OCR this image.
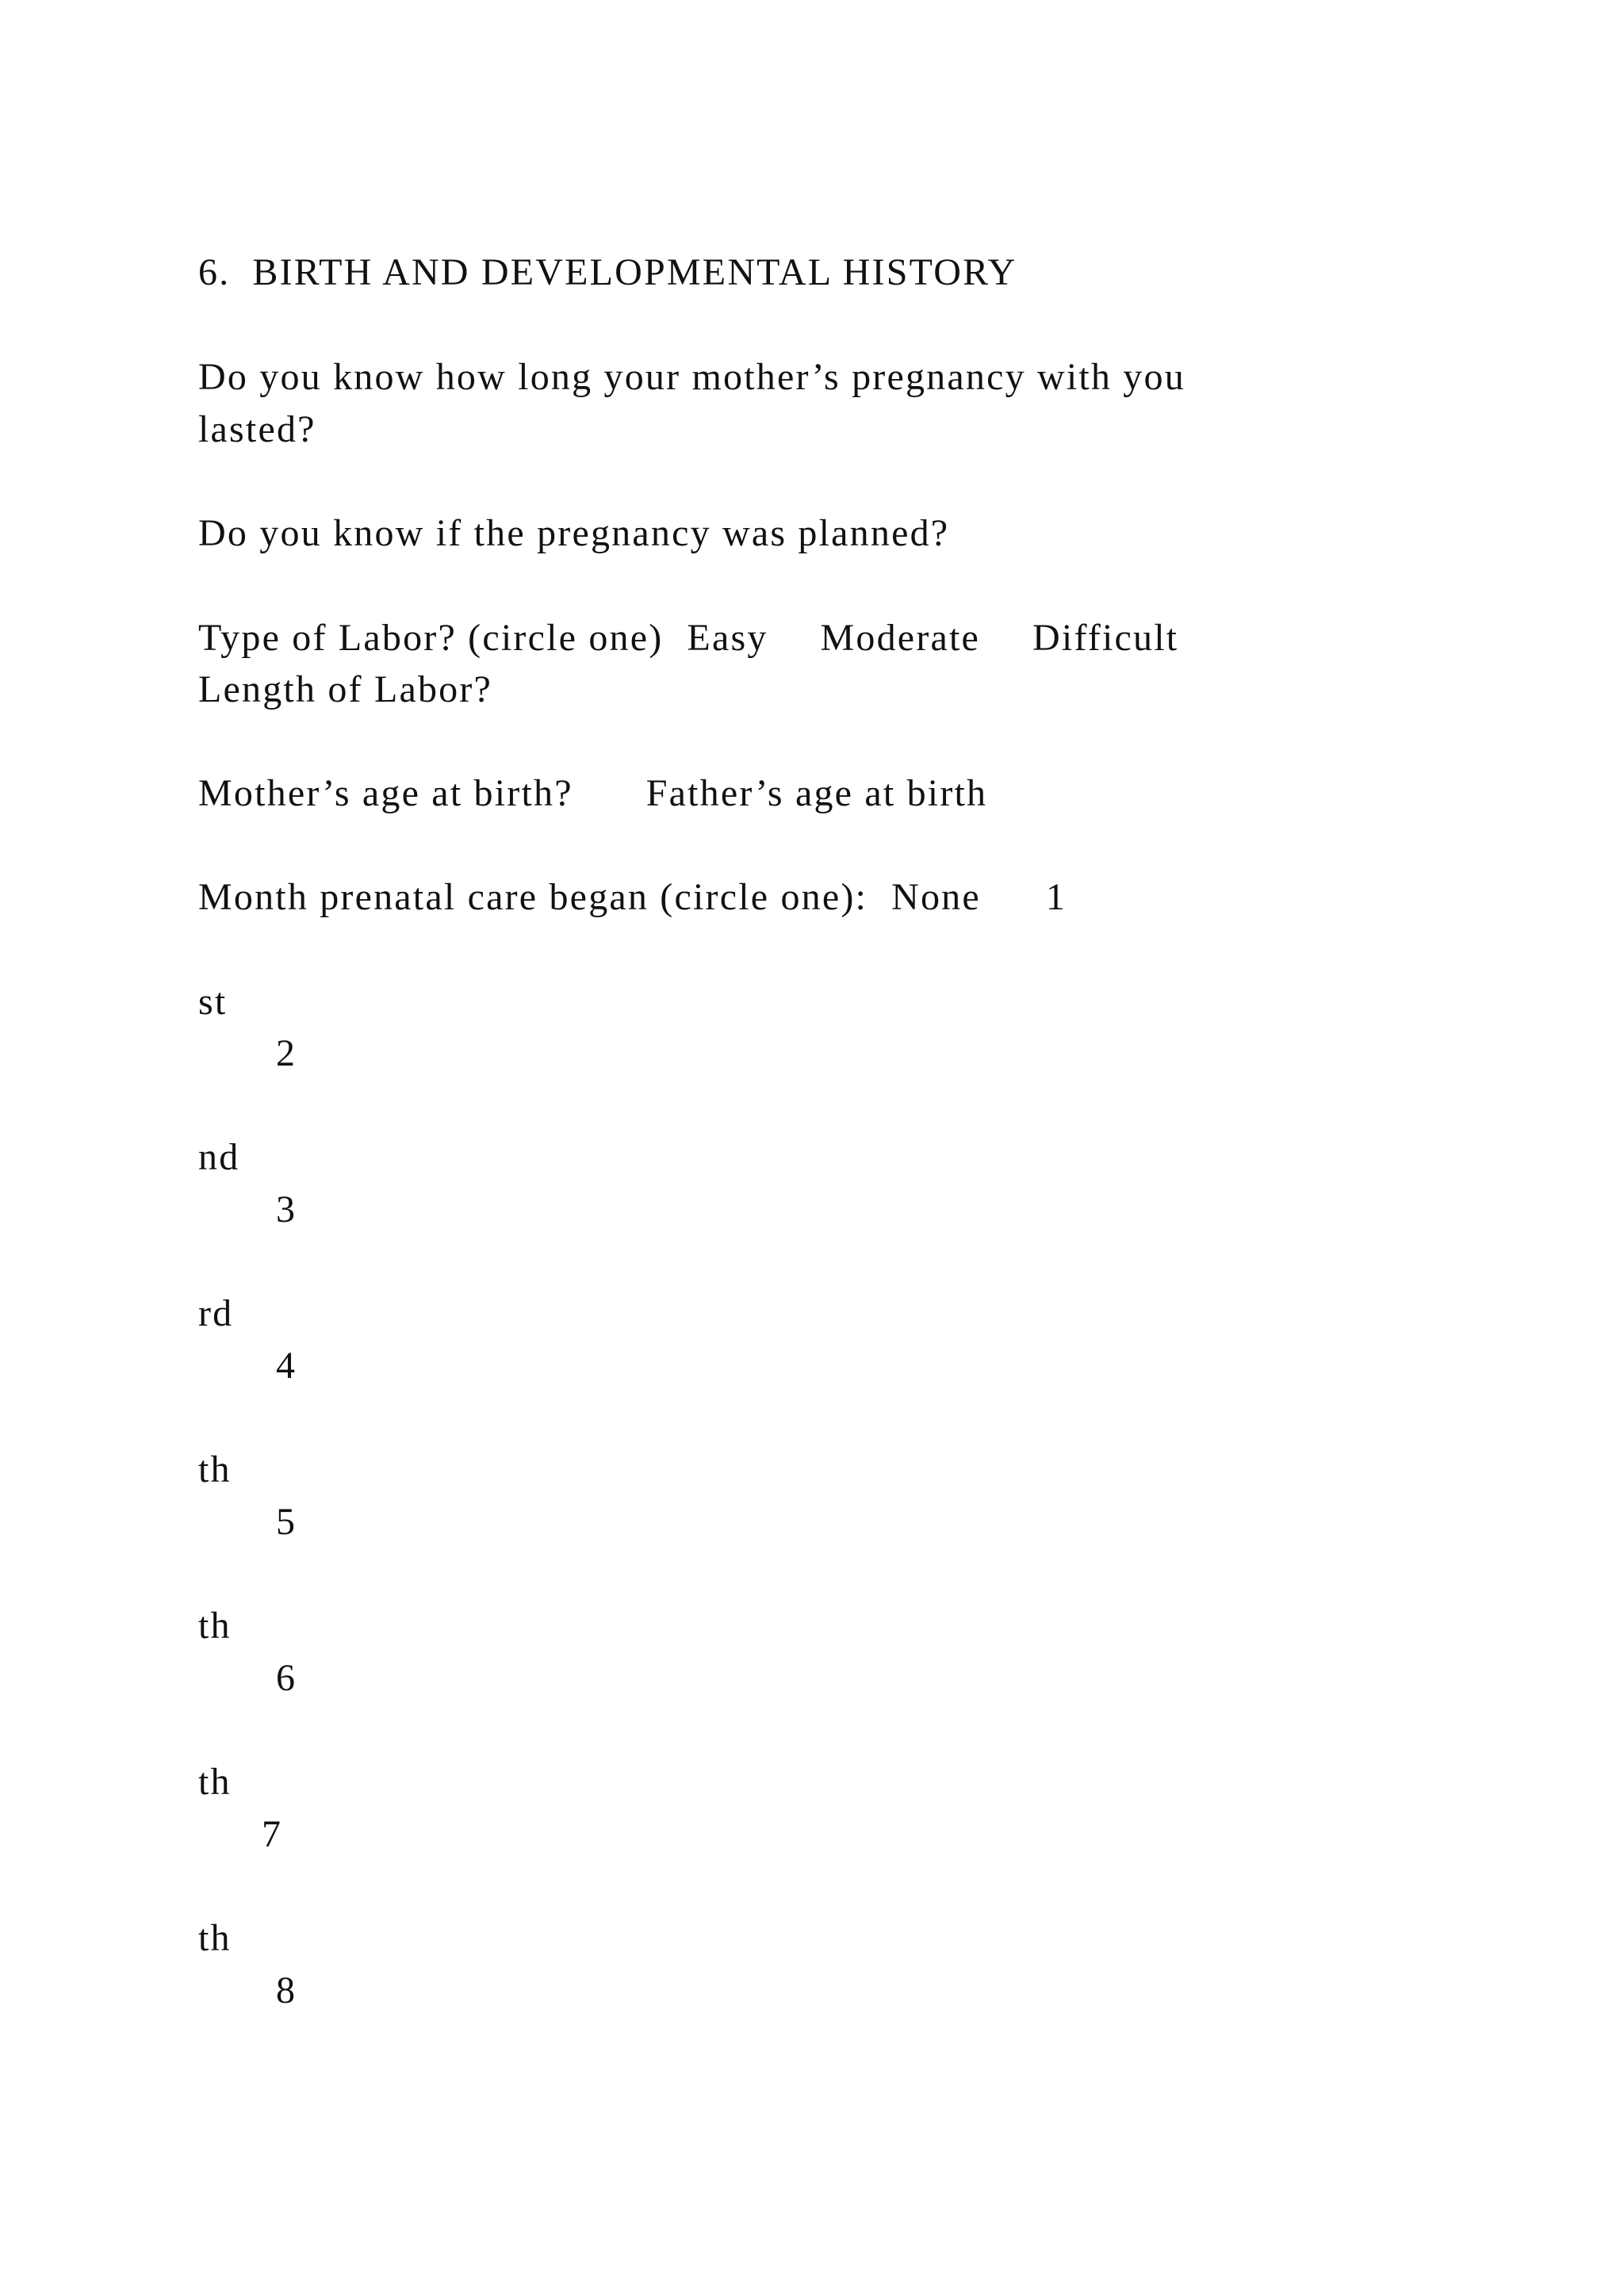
6. BIRTH AND DEVELOPMENTAL HISTORY
Do you know how long your mother’s pregnancy with you
lasted?
Do you know if the pregnancy was planned?
Type of Labor? (circle one) Easy Moderate Difficult
Length of Labor?
Mother’s age at birth? Father’s age at birth
Month prenatal care began (circle one): None 1
st
2
nd
3
rd
4
th
5
th
6
th
7
th
8
